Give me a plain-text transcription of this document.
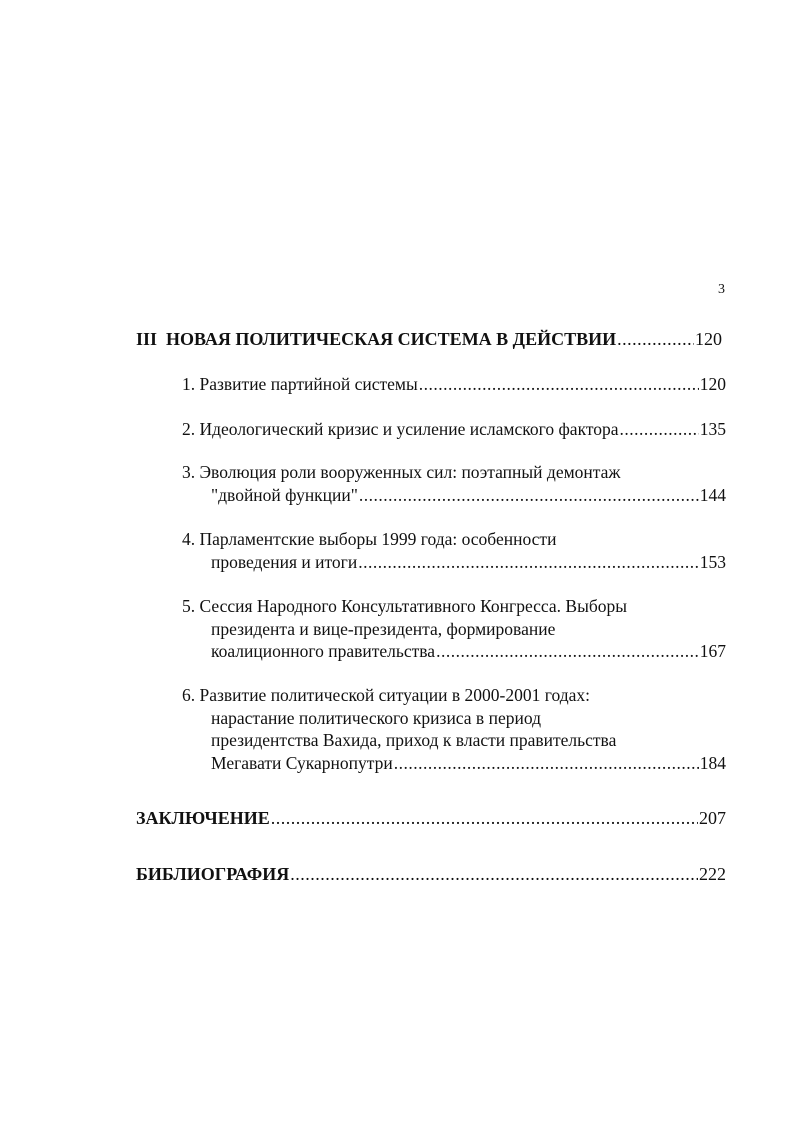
3
III НОВАЯ ПОЛИТИЧЕСКАЯ СИСТЕМА В ДЕЙСТВИИ .....	120
1. Развитие партийной системы .....	120
2. Идеологический кризис и усиление исламского фактора .....	135
3. Эволюция роли вооруженных сил: поэтапный демонтаж
"двойной функции" .....	144
4. Парламентские выборы 1999 года: особенности
проведения и итоги .....	153
5. Сессия Народного Консультативного Конгресса. Выборы
президента и вице-президента, формирование
коалиционного правительства .....	167
6. Развитие политической ситуации в 2000-2001 годах:
нарастание политического кризиса в период
президентства Вахида, приход к власти правительства
Мегавати Сукарнопутри .....	184
ЗАКЛЮЧЕНИЕ .....	207
БИБЛИОГРАФИЯ .....	222
